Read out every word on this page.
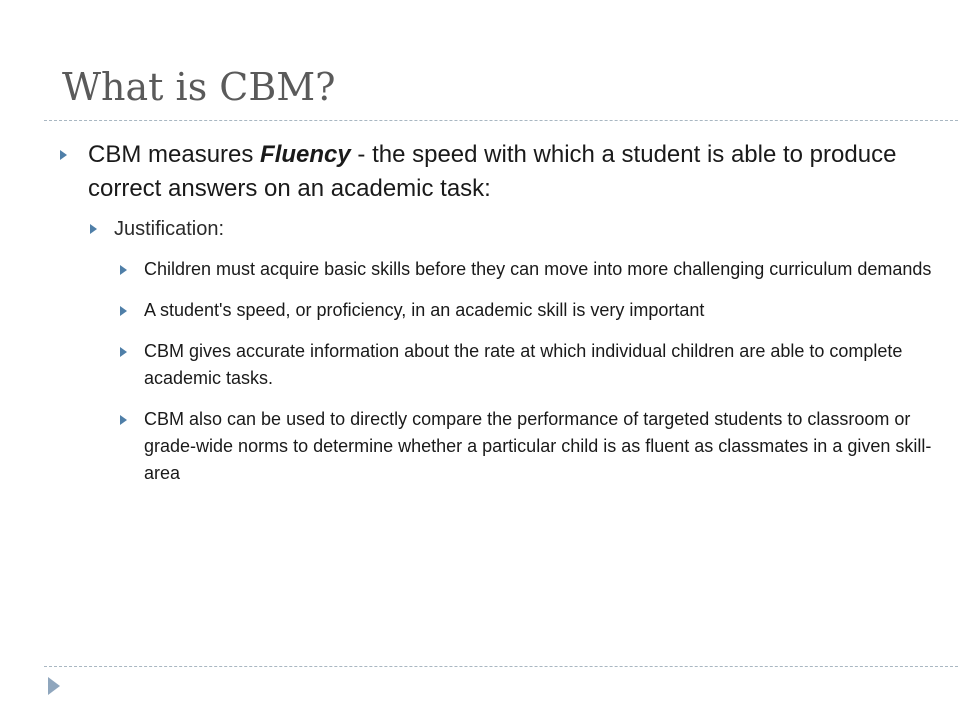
What is CBM?
CBM measures Fluency - the speed with which a student is able to produce correct answers on an academic task:
Justification:
Children must acquire basic skills before they can move into more challenging curriculum demands
A student's speed, or proficiency, in an academic skill is very important
CBM gives accurate information about the rate at which individual children are able to complete academic tasks.
CBM also can be used to directly compare the performance of targeted students to classroom or grade-wide norms to determine whether a particular child is as fluent as classmates in a given skill-area
